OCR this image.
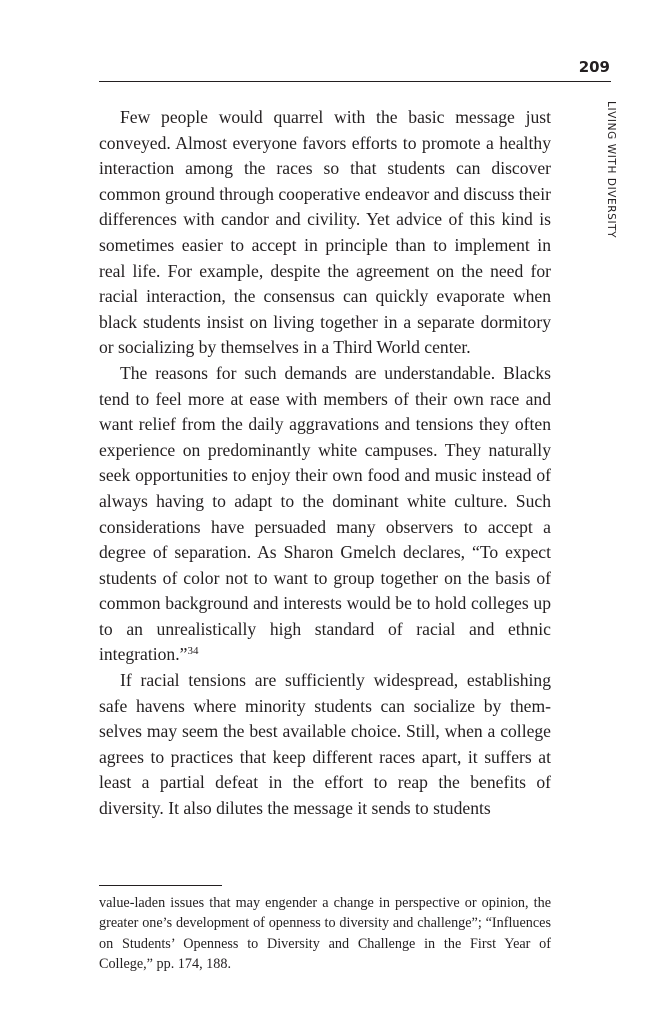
209
LIVING WITH DIVERSITY

Few people would quarrel with the basic message just conveyed. Almost everyone favors efforts to promote a healthy interaction among the races so that students can discover common ground through cooperative endeavor and discuss their differences with candor and civility. Yet advice of this kind is sometimes easier to accept in principle than to implement in real life. For example, despite the agreement on the need for racial interaction, the consensus can quickly evaporate when black students insist on living together in a separate dormitory or socializing by themselves in a Third World center.

The reasons for such demands are understandable. Blacks tend to feel more at ease with members of their own race and want relief from the daily aggravations and tensions they often experience on predominantly white campuses. They naturally seek opportunities to enjoy their own food and music instead of always having to adapt to the dominant white culture. Such considerations have persuaded many observers to accept a degree of separation. As Sharon Gmelch declares, “To expect students of color not to want to group together on the basis of common background and interests would be to hold colleges up to an unrealistically high standard of racial and ethnic integration.”$^{34}$

If racial tensions are sufficiently widespread, establishing safe havens where minority students can socialize by themselves may seem the best available choice. Still, when a college agrees to practices that keep different races apart, it suffers at least a partial defeat in the effort to reap the benefits of diversity. It also dilutes the message it sends to students

value-laden issues that may engender a change in perspective or opinion, the greater one’s development of openness to diversity and challenge”; “Influences on Students’ Openness to Diversity and Challenge in the First Year of College,” pp. 174, 188.
